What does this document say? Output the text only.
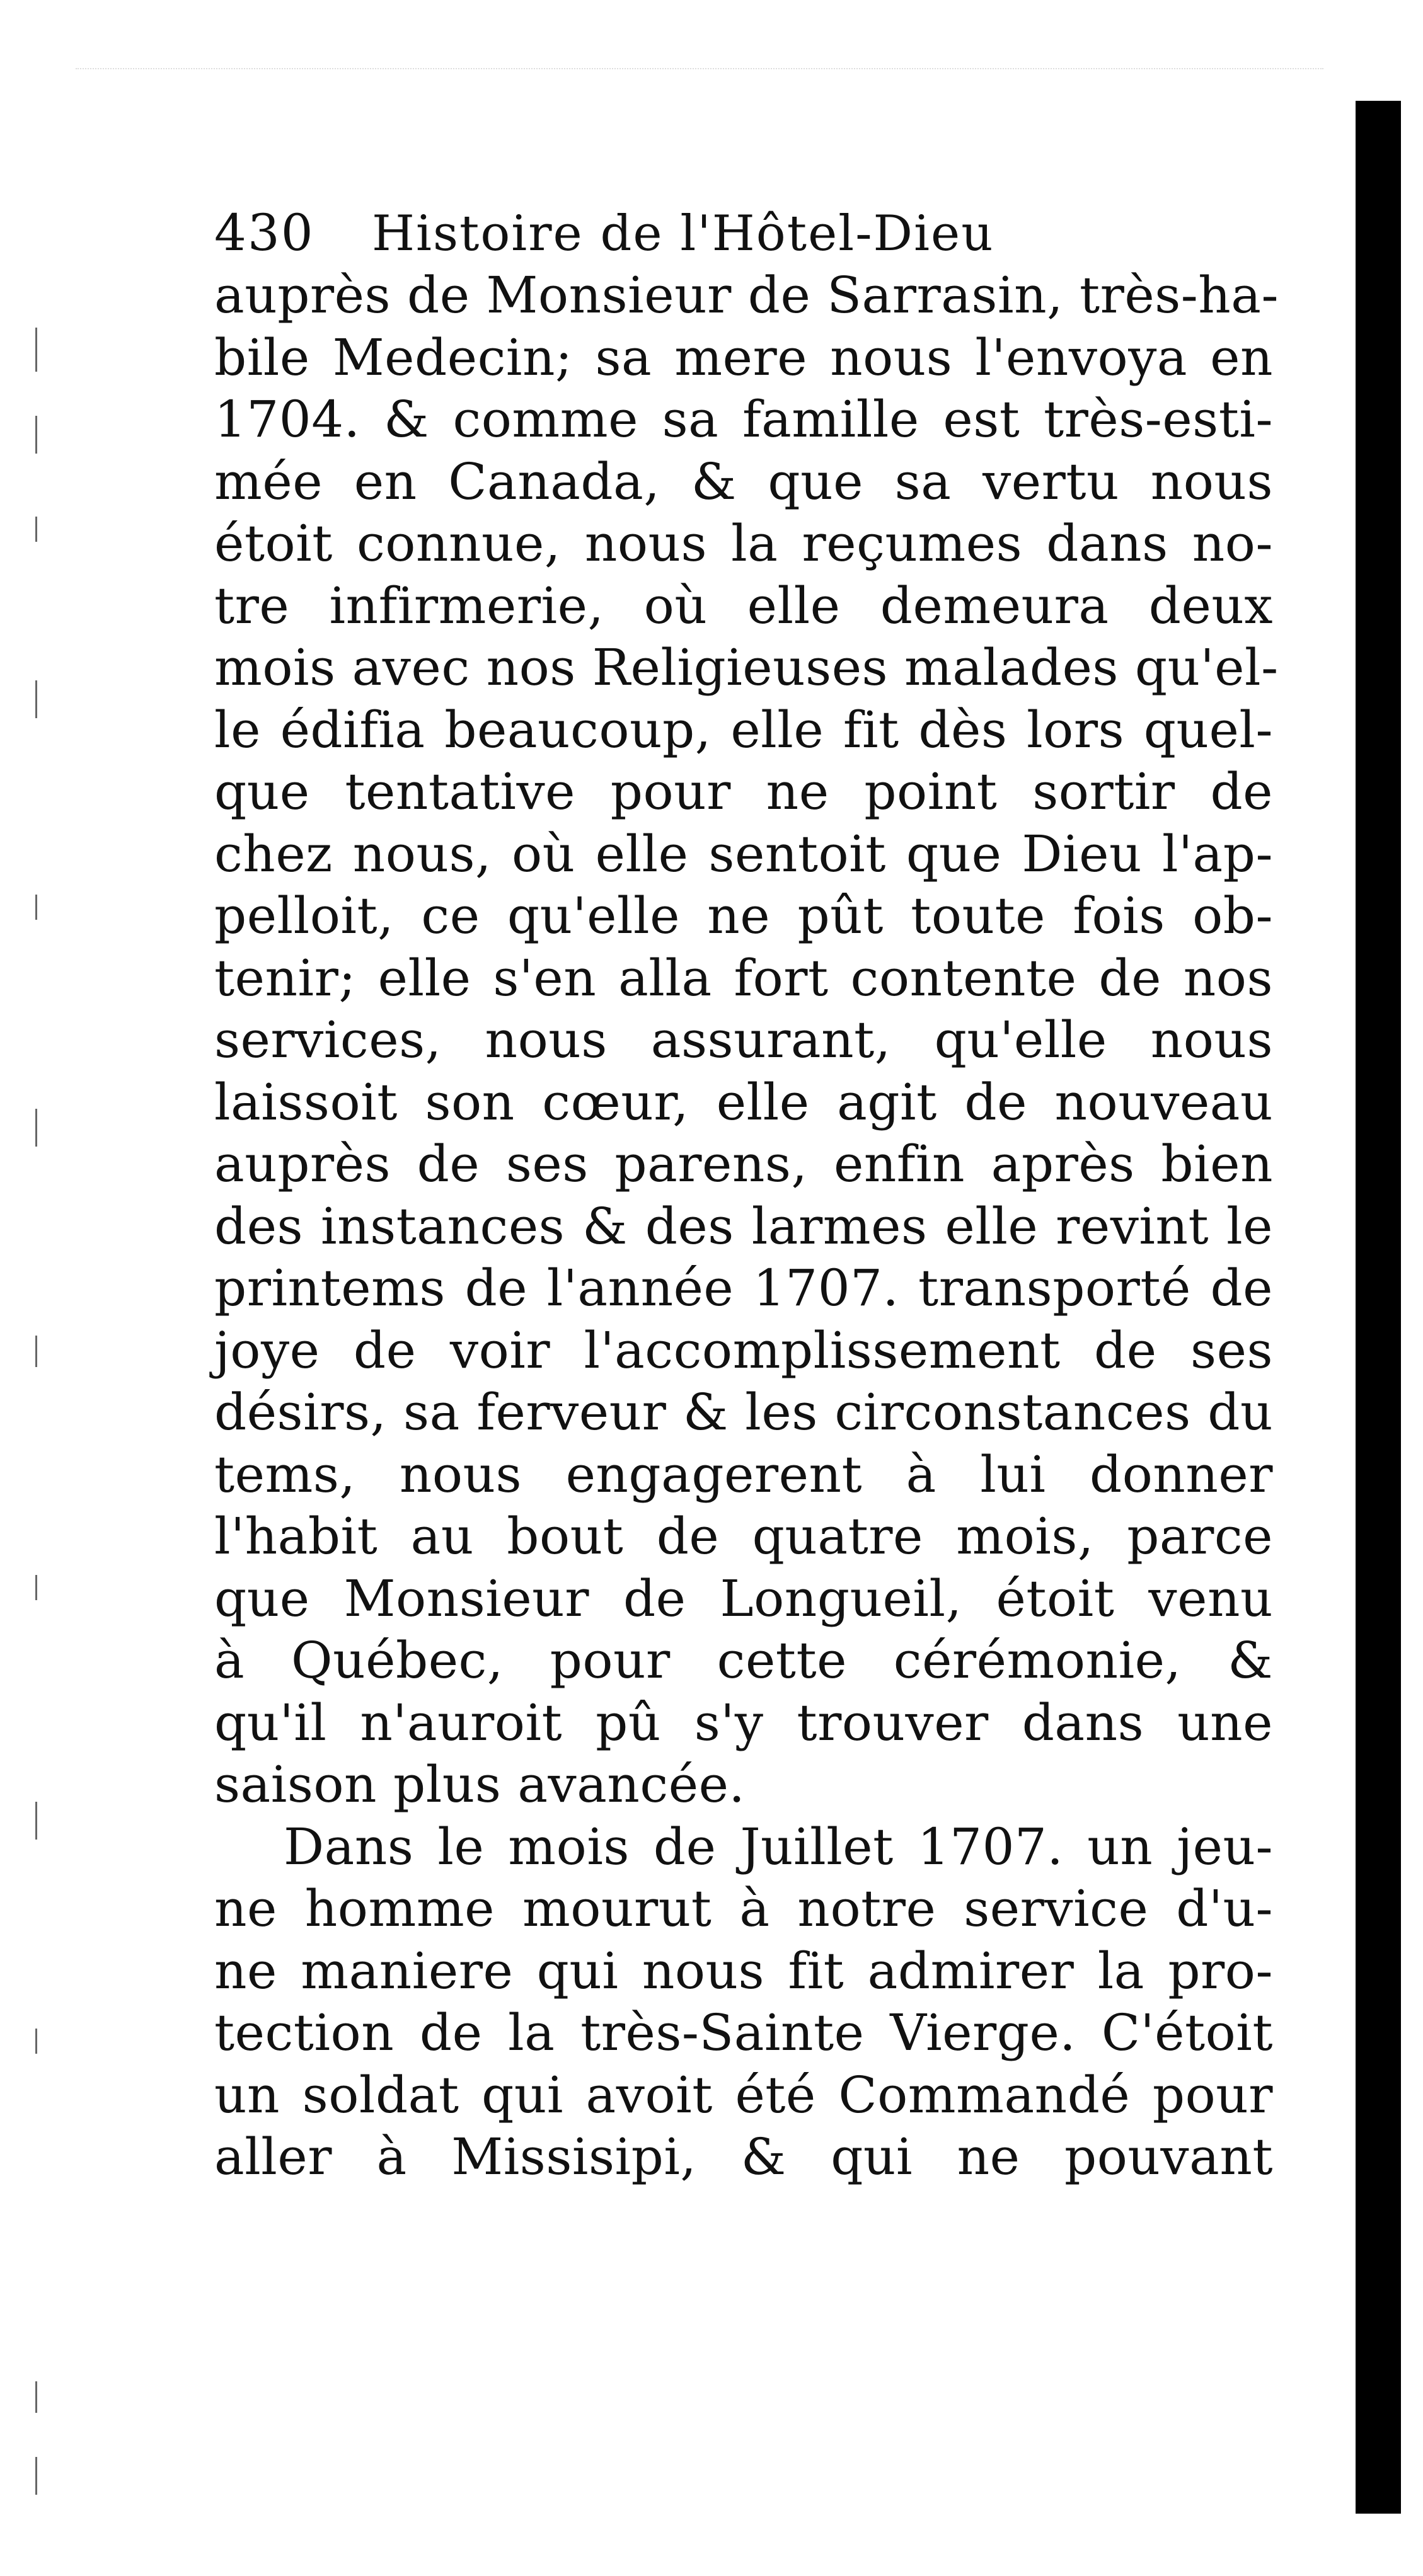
430 Histoire de l'Hôtel-Dieu
auprès de Monsieur de Sarrasin, très-ha-
bile Medecin; sa mere nous l'envoya en
1704. & comme sa famille est très-esti-
mée en Canada, & que sa vertu nous
étoit connue, nous la reçumes dans no-
tre infirmerie, où elle demeura deux
mois avec nos Religieuses malades qu'el-
le édifia beaucoup, elle fit dès lors quel-
que tentative pour ne point sortir de
chez nous, où elle sentoit que Dieu l'ap-
pelloit, ce qu'elle ne pût toute fois ob-
tenir; elle s'en alla fort contente de nos
services, nous assurant, qu'elle nous
laissoit son cœur, elle agit de nouveau
auprès de ses parens, enfin après bien
des instances & des larmes elle revint le
printems de l'année 1707. transporté de
joye de voir l'accomplissement de ses
désirs, sa ferveur & les circonstances du
tems, nous engagerent à lui donner
l'habit au bout de quatre mois, parce
que Monsieur de Longueil, étoit venu
à Québec, pour cette cérémonie, &
qu'il n'auroit pû s'y trouver dans une
saison plus avancée.
Dans le mois de Juillet 1707. un jeu-
ne homme mourut à notre service d'u-
ne maniere qui nous fit admirer la pro-
tection de la très-Sainte Vierge. C'étoit
un soldat qui avoit été Commandé pour
aller à Missisipi, & qui ne pouvant
